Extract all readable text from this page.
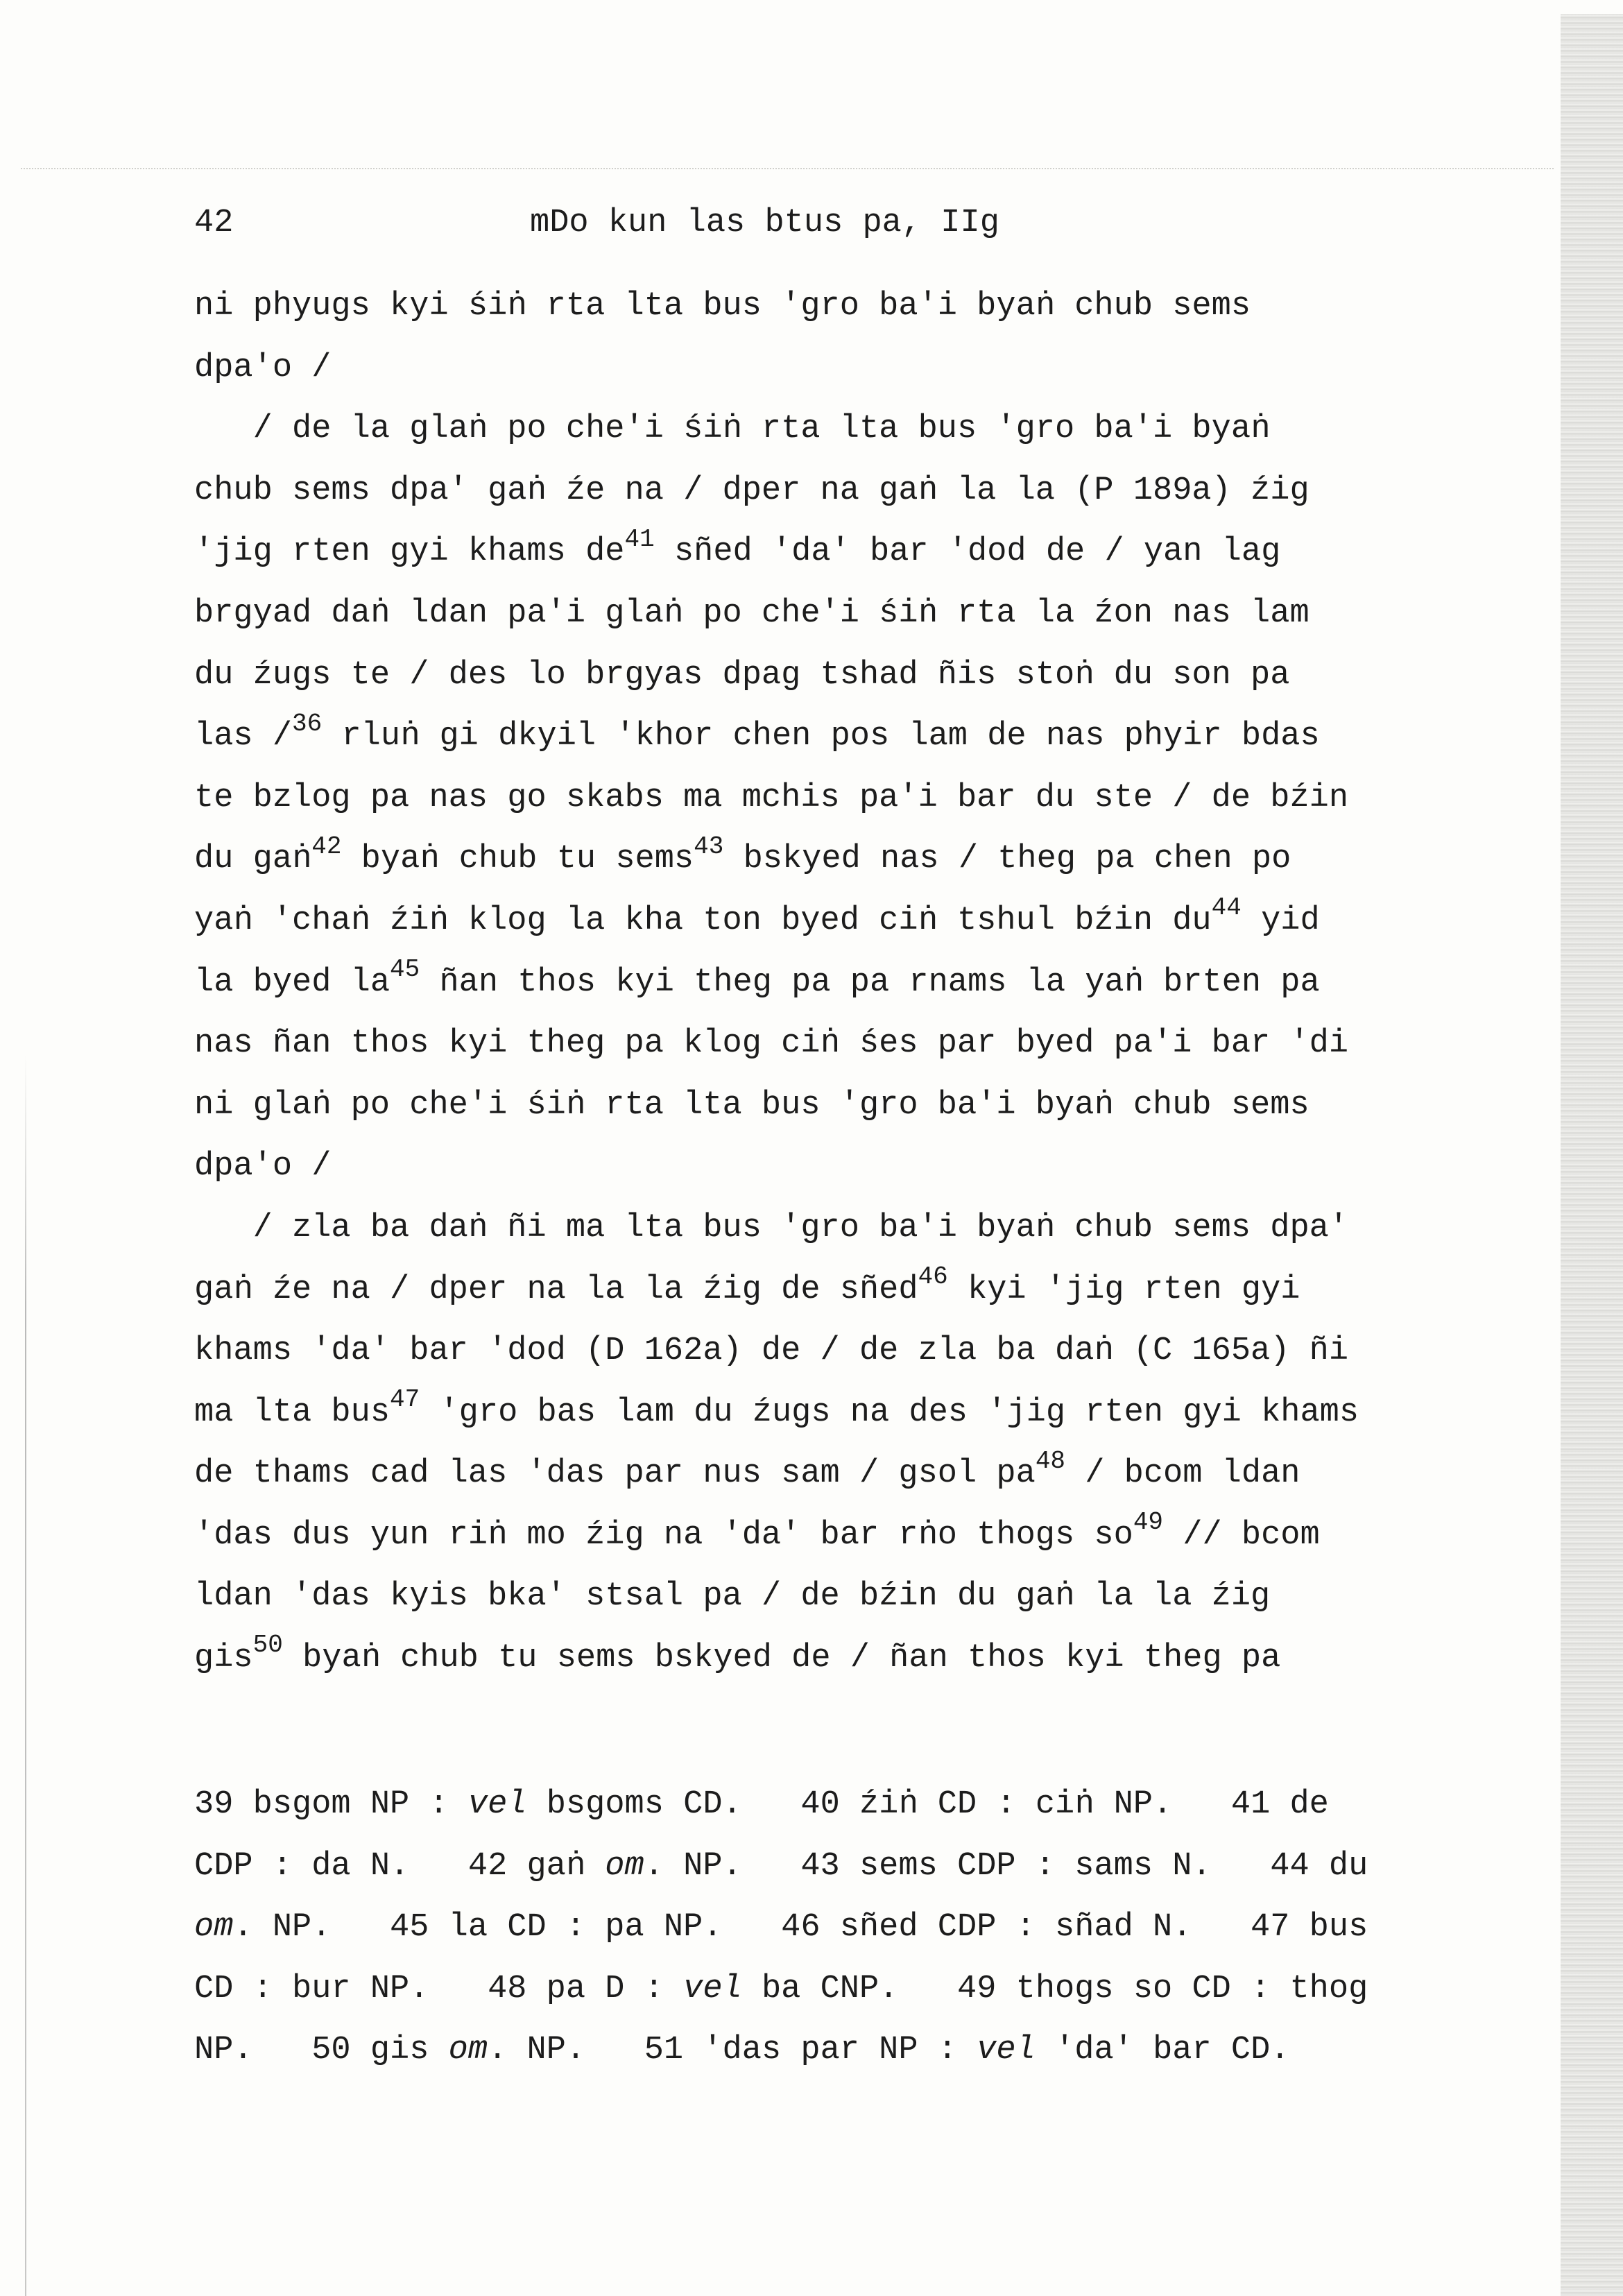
42	mDo kun las btus pa, IIg
ni phyugs kyi śiṅ rta lta bus 'gro ba'i byaṅ chub sems
dpa'o /
/ de la glaṅ po che'i śiṅ rta lta bus 'gro ba'i byaṅ
chub sems dpa' gaṅ źe na / dper na gaṅ la la (P 189a) źig
'jig rten gyi khams $de^{41}$ sñed 'da' bar 'dod de / yan lag
brgyad daṅ ldan pa'i glaṅ po che'i śiṅ rta la źon nas lam
du źugs te / des lo brgyas dpag tshad ñis stoṅ du son pa
las /$^{36}$ rluṅ gi dkyil 'khor chen pos lam de nas phyir bdas
te bzlog pa nas go skabs ma mchis pa'i bar du ste / de bźin
du gaṅ$^{42}$ byaṅ chub tu sems$^{43}$ bskyed nas / theg pa chen po
yaṅ 'chaṅ źiṅ klog la kha ton byed ciṅ tshul bźin $du^{44}$ yid
la byed $la^{45}$ ñan thos kyi theg pa pa rnams la yaṅ brten pa
nas ñan thos kyi theg pa klog ciṅ śes par byed pa'i bar 'di
ni glaṅ po che'i śiṅ rta lta bus 'gro ba'i byaṅ chub sems
dpa'o /
/ zla ba daṅ ñi ma lta bus 'gro ba'i byaṅ chub sems dpa'
gaṅ źe na / dper na la la źig de sñed$^{46}$ kyi 'jig rten gyi
khams 'da' bar 'dod (D 162a) de / de zla ba daṅ (C 165a) ñi
ma lta bus$^{47}$ 'gro bas lam du źugs na des 'jig rten gyi khams
de thams cad las 'das par nus sam / gsol $pa^{48}$ / bcom ldan
'das dus yun riṅ mo źig na 'da' bar rṅo thogs $so^{49}$ // bcom
ldan 'das kyis bka' stsal pa / de bźin du gaṅ la la źig
gis$^{50}$ byaṅ chub tu sems bskyed de / ñan thos kyi theg pa
39 bsgom NP : vel bsgoms CD.   40 źiṅ CD : ciṅ NP.   41 de
CDP : da N.   42 gaṅ om. NP.   43 sems CDP : sams N.   44 du
om. NP.   45 la CD : pa NP.   46 sñed CDP : sñad N.   47 bus
CD : bur NP.   48 pa D : vel ba CNP.   49 thogs so CD : thog
NP.   50 gis om. NP.   51 'das par NP : vel 'da' bar CD.
